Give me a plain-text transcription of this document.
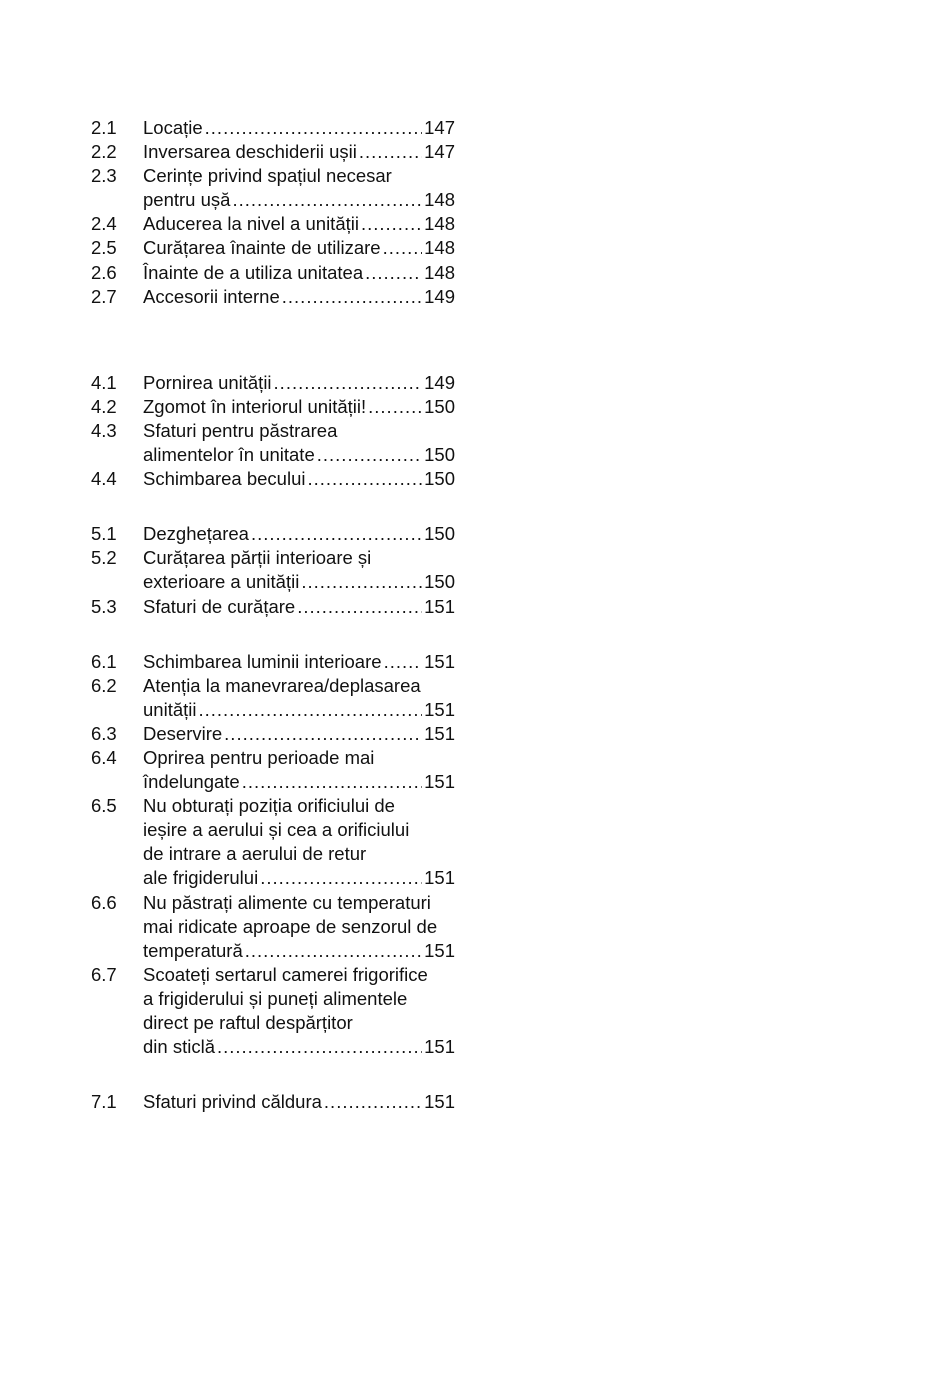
2.1	Locație .....	147
2.2	Inversarea deschiderii ușii .....	147
2.3	Cerințe privind spațiul necesar
pentru ușă .....	148
2.4	Aducerea la nivel a unității .....	148
2.5	Curățarea înainte de utilizare ..... 148
2.6	Înainte de a utiliza unitatea .....	148
2.7	Accesorii interne .....	149
4.1	Pornirea unității .....	149
4.2	Zgomot în interiorul unității! .....	150
4.3	Sfaturi pentru păstrarea
alimentelor în unitate .....	150
4.4	Schimbarea becului .....	150
5.1	Dezghețarea .....	150
5.2	Curățarea părții interioare și
exterioare a unității .....	150
5.3	Sfaturi de curățare .....	151
6.1	Schimbarea luminii interioare ..... 151
6.2	Atenția la manevrarea/deplasarea
unității .....	151
6.3	Deservire .....	151
6.4	Oprirea pentru perioade mai
îndelungate .....	151
6.5	Nu obturați poziția orificiului de
ieșire a aerului și cea a orificiului
de intrare a aerului de retur
ale frigiderului .....	151
6.6	Nu păstrați alimente cu temperaturi
mai ridicate aproape de senzorul de
temperatură .....	151
6.7	Scoateți sertarul camerei frigorifice
a frigiderului și puneți alimentele
direct pe raftul despărțitor
din sticlă .....	151
7.1	Sfaturi privind căldura .....	151
